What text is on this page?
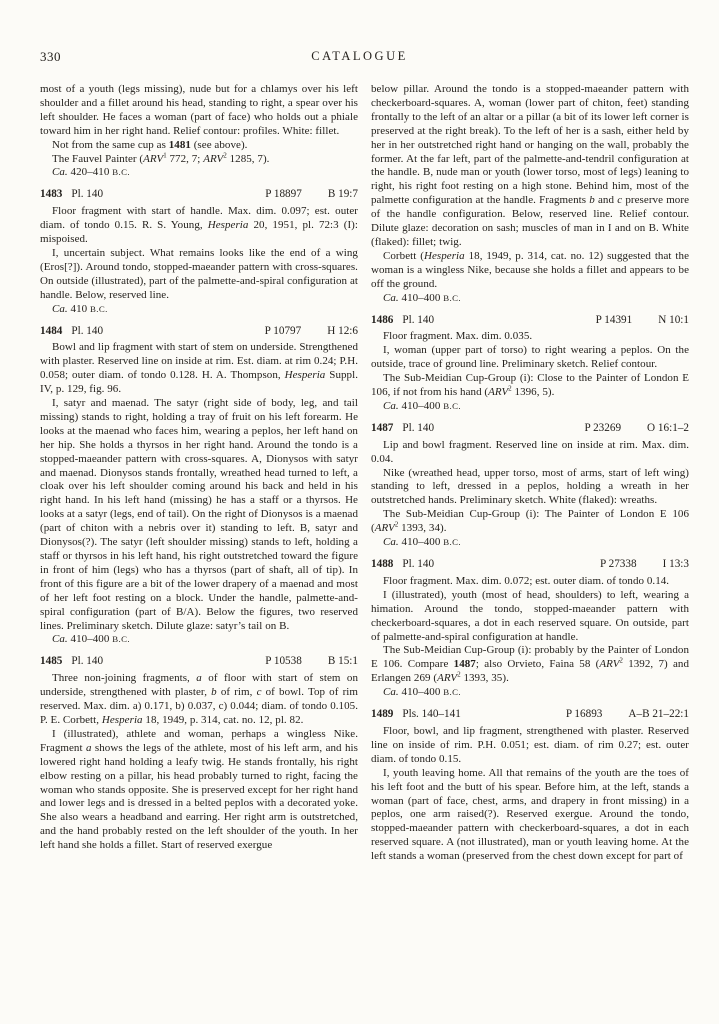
330	CATALOGUE

most of a youth (legs missing), nude but for a chlamys over his left shoulder and a fillet around his head, standing to right, a spear over his left shoulder. He faces a woman (part of face) who holds out a phiale toward him in her right hand. Relief contour: profiles. White: fillet.

Not from the same cup as 1481 (see above).

The Fauvel Painter (ARV$^1$ 772, 7; ARV$^2$ 1285, 7).

Ca. 420–410 B.C.

1483 Pl. 140	P 18897 B 19:7

Floor fragment with start of handle. Max. dim. 0.097; est. outer diam. of tondo 0.15. R. S. Young, Hesperia 20, 1951, pl. 72:3 (I): mispoised.

I, uncertain subject. What remains looks like the end of a wing (Eros[?]). Around tondo, stopped-maeander pattern with cross-squares. On outside (illustrated), part of the palmette-and-spiral configuration at handle. Below, reserved line.

Ca. 410 B.C.

1484 Pl. 140	P 10797 H 12:6

Bowl and lip fragment with start of stem on underside. Strengthened with plaster. Reserved line on inside at rim. Est. diam. at rim 0.24; P.H. 0.058; outer diam. of tondo 0.128. H. A. Thompson, Hesperia Suppl. IV, p. 129, fig. 96.

I, satyr and maenad. The satyr (right side of body, leg, and tail missing) stands to right, holding a tray of fruit on his left forearm. He looks at the maenad who faces him, wearing a peplos, her left hand on her hip. She holds a thyrsos in her right hand. Around the tondo is a stopped-maeander pattern with cross-squares. A, Dionysos with satyr and maenad. Dionysos stands frontally, wreathed head turned to left, a cloak over his left shoulder coming around his back and held in his right hand. In his left hand (missing) he has a staff or a thyrsos. He looks at a satyr (legs, end of tail). On the right of Dionysos is a maenad (part of chiton with a nebris over it) standing to left. B, satyr and Dionysos(?). The satyr (left shoulder missing) stands to left, holding a staff or thyrsos in his left hand, his right outstretched toward the figure in front of him (legs) who has a thyrsos (part of shaft, all of tip). In front of this figure are a bit of the lower drapery of a maenad and most of her left foot resting on a block. Under the handle, palmette-and-spiral configuration (part of B/A). Below the figures, two reserved lines. Preliminary sketch. Dilute glaze: satyr’s tail on B.

Ca. 410–400 B.C.

1485 Pl. 140	P 10538 B 15:1

Three non-joining fragments, a of floor with start of stem on underside, strengthened with plaster, b of rim, c of bowl. Top of rim reserved. Max. dim. a) 0.171, b) 0.037, c) 0.044; diam. of tondo 0.105. P. E. Corbett, Hesperia 18, 1949, p. 314, cat. no. 12, pl. 82.

I (illustrated), athlete and woman, perhaps a wingless Nike. Fragment a shows the legs of the athlete, most of his left arm, and his lowered right hand holding a leafy twig. He stands frontally, his right elbow resting on a pillar, his head probably turned to right, facing the woman who stands opposite. She is preserved except for her right hand and lower legs and is dressed in a belted peplos with a decorated yoke. She also wears a headband and earring. Her right arm is outstretched, and the hand probably rested on the left shoulder of the youth. In her left hand she holds a fillet. Start of reserved exergue

below pillar. Around the tondo is a stopped-maeander pattern with checkerboard-squares. A, woman (lower part of chiton, feet) standing frontally to the left of an altar or a pillar (a bit of its lower left corner is preserved at the right break). To the left of her is a sash, either held by her in her outstretched right hand or hanging on the wall, probably the former. At the far left, part of the palmette-and-tendril configuration at the handle. B, nude man or youth (lower torso, most of legs) leaning to right, his right foot resting on a high stone. Behind him, most of the palmette configuration at the handle. Fragments b and c preserve more of the handle configuration. Below, reserved line. Relief contour. Dilute glaze: decoration on sash; muscles of man in I and on B. White (flaked): fillet; twig.

Corbett (Hesperia 18, 1949, p. 314, cat. no. 12) suggested that the woman is a wingless Nike, because she holds a fillet and appears to be off the ground.

Ca. 410–400 B.C.

1486 Pl. 140	P 14391 N 10:1

Floor fragment. Max. dim. 0.035.

I, woman (upper part of torso) to right wearing a peplos. On the outside, trace of ground line. Preliminary sketch. Relief contour.

The Sub-Meidian Cup-Group (i): Close to the Painter of London E 106, if not from his hand (ARV$^2$ 1396, 5).

Ca. 410–400 B.C.

1487 Pl. 140	P 23269 O 16:1–2

Lip and bowl fragment. Reserved line on inside at rim. Max. dim. 0.04.

Nike (wreathed head, upper torso, most of arms, start of left wing) standing to left, dressed in a peplos, holding a wreath in her outstretched hands. Preliminary sketch. White (flaked): wreaths.

The Sub-Meidian Cup-Group (i): The Painter of London E 106 (ARV$^2$ 1393, 34).

Ca. 410–400 B.C.

1488 Pl. 140	P 27338 I 13:3

Floor fragment. Max. dim. 0.072; est. outer diam. of tondo 0.14.

I (illustrated), youth (most of head, shoulders) to left, wearing a himation. Around the tondo, stopped-maeander pattern with checkerboard-squares, a dot in each reserved square. On outside, part of palmette-and-spiral configuration at handle.

The Sub-Meidian Cup-Group (i): probably by the Painter of London E 106. Compare 1487; also Orvieto, Faina 58 (ARV$^2$ 1392, 7) and Erlangen 269 (ARV$^2$ 1393, 35).

Ca. 410–400 B.C.

1489 Pls. 140–141	P 16893 A–B 21–22:1

Floor, bowl, and lip fragment, strengthened with plaster. Reserved line on inside of rim. P.H. 0.051; est. diam. of rim 0.27; est. outer diam. of tondo 0.15.

I, youth leaving home. All that remains of the youth are the toes of his left foot and the butt of his spear. Before him, at the left, stands a woman (part of face, chest, arms, and drapery in front missing) in a peplos, one arm raised(?). Reserved exergue. Around the tondo, stopped-maeander pattern with checkerboard-squares, a dot in each reserved square. A (not illustrated), man or youth leaving home. At the left stands a woman (preserved from the chest down except for part of
